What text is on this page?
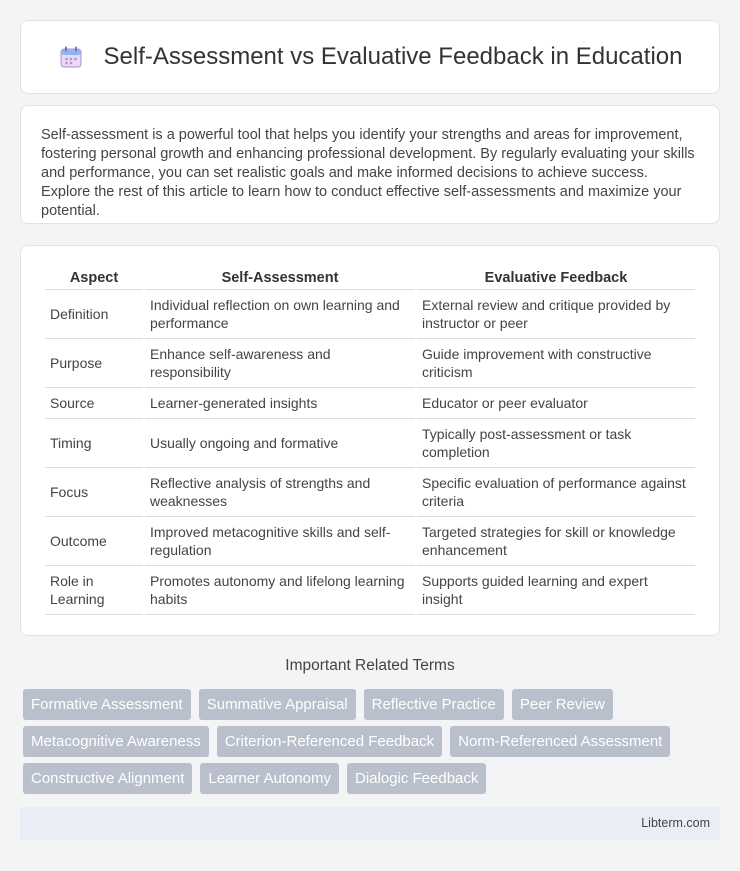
Self-Assessment vs Evaluative Feedback in Education

Self-assessment is a powerful tool that helps you identify your strengths and areas for improvement, fostering personal growth and enhancing professional development. By regularly evaluating your skills and performance, you can set realistic goals and make informed decisions to achieve success. Explore the rest of this article to learn how to conduct effective self-assessments and maximize your potential.

Aspect	Self-Assessment	Evaluative Feedback
Definition	Individual reflection on own learning and performance	External review and critique provided by instructor or peer
Purpose	Enhance self-awareness and responsibility	Guide improvement with constructive criticism
Source	Learner-generated insights	Educator or peer evaluator
Timing	Usually ongoing and formative	Typically post-assessment or task completion
Focus	Reflective analysis of strengths and weaknesses	Specific evaluation of performance against criteria
Outcome	Improved metacognitive skills and self-regulation	Targeted strategies for skill or knowledge enhancement
Role in Learning	Promotes autonomy and lifelong learning habits	Supports guided learning and expert insight
Important Related Terms
Formative Assessment	Summative Appraisal	Reflective Practice	Peer Review
Metacognitive Awareness	Criterion-Referenced Feedback	Norm-Referenced Assessment
Constructive Alignment	Learner Autonomy	Dialogic Feedback
Libterm.com
